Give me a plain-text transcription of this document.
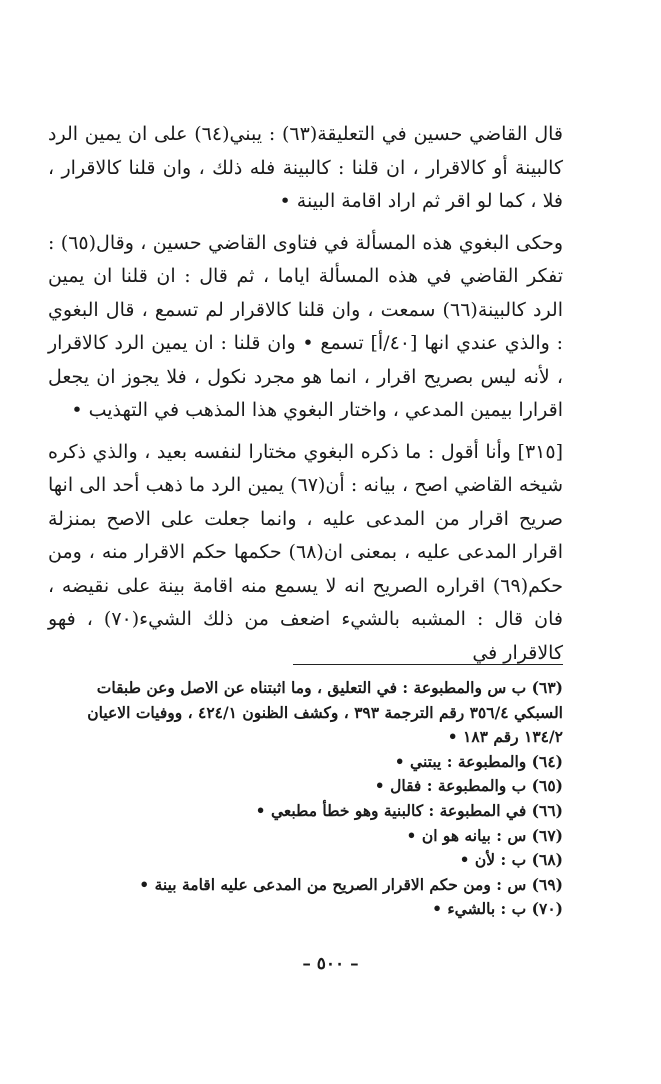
قال القاضي حسين في التعليقة(٦٣) : يبني(٦٤) على ان يمين الرد كالبينة أو كالاقرار ، ان قلنا : كالبينة فله ذلك ، وان قلنا كالاقرار ، فلا ، كما لو اقر ثم اراد اقامة البينة •

وحكى البغوي هذه المسألة في فتاوى القاضي حسين ، وقال(٦٥) : تفكر القاضي في هذه المسألة اياما ، ثم قال : ان قلنا ان يمين الرد كالبينة(٦٦) سمعت ، وان قلنا كالاقرار لم تسمع ، قال البغوي : والذي عندي انها [٤٠/أ] تسمع • وان قلنا : ان يمين الرد كالاقرار ، لأنه ليس بصريح اقرار ، انما هو مجرد نكول ، فلا يجوز ان يجعل اقرارا بيمين المدعي ، واختار البغوي هذا المذهب في التهذيب •

[٣١٥] وأنا أقول : ما ذكره البغوي مختارا لنفسه بعيد ، والذي ذكره شيخه القاضي اصح ، بيانه : أن(٦٧) يمين الرد ما ذهب أحد الى انها صريح اقرار من المدعى عليه ، وانما جعلت على الاصح بمنزلة اقرار المدعى عليه ، بمعنى ان(٦٨) حكمها حكم الاقرار منه ، ومن حكم(٦٩) اقراره الصريح انه لا يسمع منه اقامة بينة على نقيضه ، فان قال : المشبه بالشيء اضعف من ذلك الشيء(٧٠) ، فهو كالاقرار في

(٦٣) ب س والمطبوعة : في التعليق ، وما اثبتناه عن الاصل وعن طبقات السبكي ٣٥٦/٤ رقم الترجمة ٣٩٣ ، وكشف الظنون ٤٢٤/١ ، ووفيات الاعيان ١٣٤/٢ رقم ١٨٣ •

(٦٤) والمطبوعة : يبتني •

(٦٥) ب والمطبوعة : فقال •

(٦٦) في المطبوعة : كالبنية وهو خطأ مطبعي •

(٦٧) س : بيانه هو ان •

(٦٨) ب : لأن •

(٦٩) س : ومن حكم الاقرار الصريح من المدعى عليه اقامة بينة •

(٧٠) ب : بالشيء •

– ٥٠٠ –
